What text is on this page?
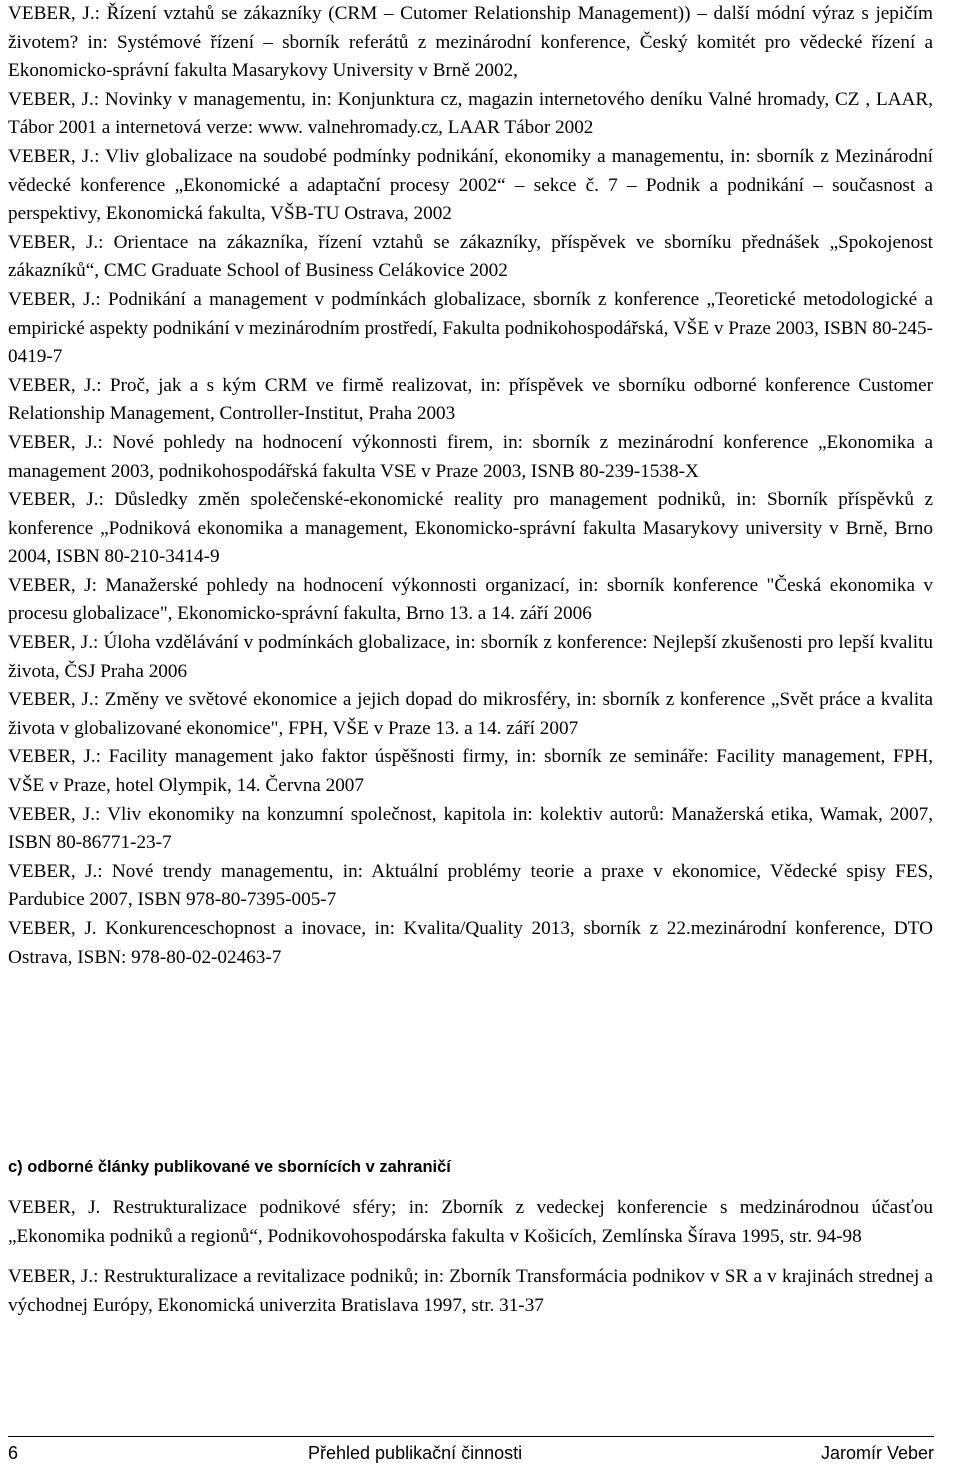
VEBER, J.: Řízení vztahů se zákazníky (CRM – Cutomer Relationship Management)) – další módní výraz s jepičím životem? in: Systémové řízení – sborník referátů z mezinárodní konference, Český komitét pro vědecké řízení a Ekonomicko-správní fakulta Masarykovy University v Brně 2002,

VEBER, J.: Novinky v managementu, in: Konjunktura cz, magazin internetového deníku Valné hromady, CZ , LAAR, Tábor 2001 a internetová verze: www. valnehromady.cz, LAAR Tábor 2002

VEBER, J.: Vliv globalizace na soudobé podmínky podnikání, ekonomiky a managementu, in: sborník z Mezinárodní vědecké konference „Ekonomické a adaptační procesy 2002“ – sekce č. 7 – Podnik a podnikání – současnost a perspektivy, Ekonomická fakulta, VŠB-TU Ostrava, 2002

VEBER, J.: Orientace na zákazníka, řízení vztahů se zákazníky, příspěvek ve sborníku přednášek „Spokojenost zákazníků“, CMC Graduate School of Business Celákovice 2002

VEBER, J.: Podnikání a management v podmínkách globalizace, sborník z konference „Teoretické metodologické a empirické aspekty podnikání v mezinárodním prostředí, Fakulta podnikohospodářská, VŠE v Praze 2003, ISBN 80-245-0419-7

VEBER, J.: Proč, jak a s kým CRM ve firmě realizovat, in: příspěvek ve sborníku odborné konference Customer Relationship Management, Controller-Institut, Praha 2003

VEBER, J.: Nové pohledy na hodnocení výkonnosti firem, in: sborník z mezinárodní konference „Ekonomika a management 2003, podnikohospodářská fakulta VSE v Praze 2003, ISNB 80-239-1538-X

VEBER, J.: Důsledky změn společenské-ekonomické reality pro management podniků, in: Sborník příspěvků z konference „Podniková ekonomika a management, Ekonomicko-správní fakulta Masarykovy university v Brně, Brno 2004, ISBN 80-210-3414-9

VEBER, J: Manažerské pohledy na hodnocení výkonnosti organizací, in: sborník konference "Česká ekonomika v procesu globalizace", Ekonomicko-správní fakulta, Brno 13. a 14. září 2006

VEBER, J.: Úloha vzdělávání v podmínkách globalizace, in: sborník z konference: Nejlepší zkušenosti pro lepší kvalitu života, ČSJ Praha 2006

VEBER, J.: Změny ve světové ekonomice a jejich dopad do mikrosféry, in: sborník z konference „Svět práce a kvalita života v globalizované ekonomice", FPH, VŠE v Praze 13. a 14. září 2007

VEBER, J.: Facility management jako faktor úspěšnosti firmy, in: sborník ze semináře: Facility management, FPH, VŠE v Praze, hotel Olympik, 14. Června 2007

VEBER, J.: Vliv ekonomiky na konzumní společnost, kapitola in: kolektiv autorů: Manažerská etika, Wamak, 2007, ISBN 80-86771-23-7

VEBER, J.: Nové trendy managementu, in: Aktuální problémy teorie a praxe v ekonomice, Vědecké spisy FES, Pardubice 2007, ISBN 978-80-7395-005-7

VEBER, J. Konkurenceschopnost a inovace, in: Kvalita/Quality 2013, sborník z 22.mezinárodní konference, DTO Ostrava, ISBN: 978-80-02-02463-7

c) odborné články publikované ve sbornících v zahraničí

VEBER, J. Restrukturalizace podnikové sféry; in: Zborník z vedeckej konferencie s medzinárodnou účasťou „Ekonomika podniků a regionů“, Podnikovohospodárska fakulta v Košicích, Zemlínska Šírava 1995, str. 94-98

VEBER, J.: Restrukturalizace a revitalizace podniků; in: Zborník Transformácia podnikov v SR a v krajinách strednej a východnej Európy, Ekonomická univerzita Bratislava 1997, str. 31-37

6	Přehled publikační činnosti	Jaromír Veber
